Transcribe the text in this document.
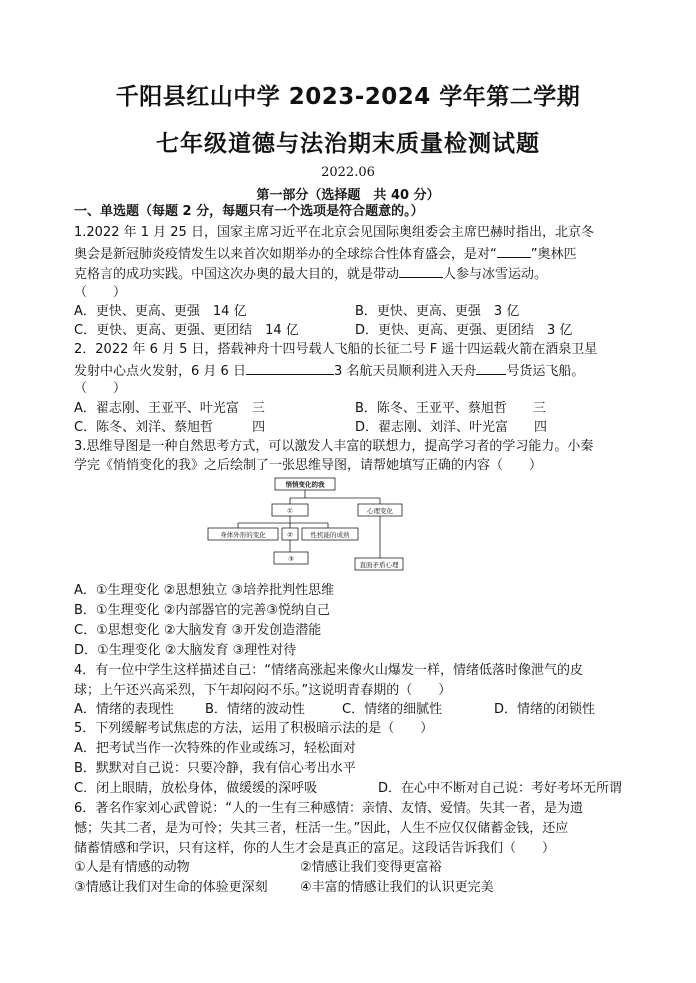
千阳县红山中学 2023-2024 学年第二学期
七年级道德与法治期末质量检测试题
2022.06
第一部分（选择题　共 40 分）
一、单选题（每题 2 分，每题只有一个选项是符合题意的。）
1.2022 年 1 月 25 日，国家主席习近平在北京会见国际奥组委会主席巴赫时指出，北京冬
奥会是新冠肺炎疫情发生以来首次如期举办的全球综合性体育盛会，是对“	”奥林匹
克格言的成功实践。中国这次办奥的最大目的，就是带动	人参与冰雪运动。
（　　）
A．更快、更高、更强　14 亿	B．更快、更高、更强　3 亿
C．更快、更高、更强、更团结　14 亿	D．更快、更高、更强、更团结　3 亿
2．2022 年 6 月 5 日，搭载神舟十四号载人飞船的长征二号 F 遥十四运载火箭在酒泉卫星
发射中心点火发射，6 月 6 日	3 名航天员顺利进入天舟 号货运飞船。
（　　）
A．翟志刚、王亚平、叶光富　三	B．陈冬、王亚平、蔡旭哲　　三
C．陈冬、刘洋、蔡旭哲　　　四	D．翟志刚、刘洋、叶光富　　四
3.思维导图是一种自然思考方式，可以激发人丰富的联想力，提高学习者的学习能力。小秦
学完《悄悄变化的我》之后绘制了一张思维导图，请帮她填写正确的内容（　　）
悄悄变化的我
①	心理变化
身体外形的变化	②	性机能的成熟
③
直面矛盾心理
A．①生理变化 ②思想独立 ③培养批判性思维
B．①生理变化 ②内部器官的完善③悦纳自己
C．①思想变化 ②大脑发育 ③开发创造潜能
D．①生理变化 ②大脑发育 ③理性对待
4．有一位中学生这样描述自己：“情绪高涨起来像火山爆发一样，情绪低落时像泄气的皮
球；上午还兴高采烈，下午却闷闷不乐。”这说明青春期的（　　）
A．情绪的表现性 B．情绪的波动性	C．情绪的细腻性	D．情绪的闭锁性
5．下列缓解考试焦虑的方法，运用了积极暗示法的是（　　）
A．把考试当作一次特殊的作业或练习，轻松面对
B．默默对自己说：只要冷静，我有信心考出水平
C．闭上眼睛，放松身体，做缓缓的深呼吸	D．在心中不断对自己说：考好考坏无所谓
6．著名作家刘心武曾说：“人的一生有三种感情：亲情、友情、爱情。失其一者，是为遗
憾；失其二者，是为可怜；失其三者，枉活一生。”因此，人生不应仅仅储蓄金钱，还应
储蓄情感和学识，只有这样，你的人生才会是真正的富足。这段话告诉我们（　　）
①人是有情感的动物	②情感让我们变得更富裕
③情感让我们对生命的体验更深刻 ④丰富的情感让我们的认识更完美
